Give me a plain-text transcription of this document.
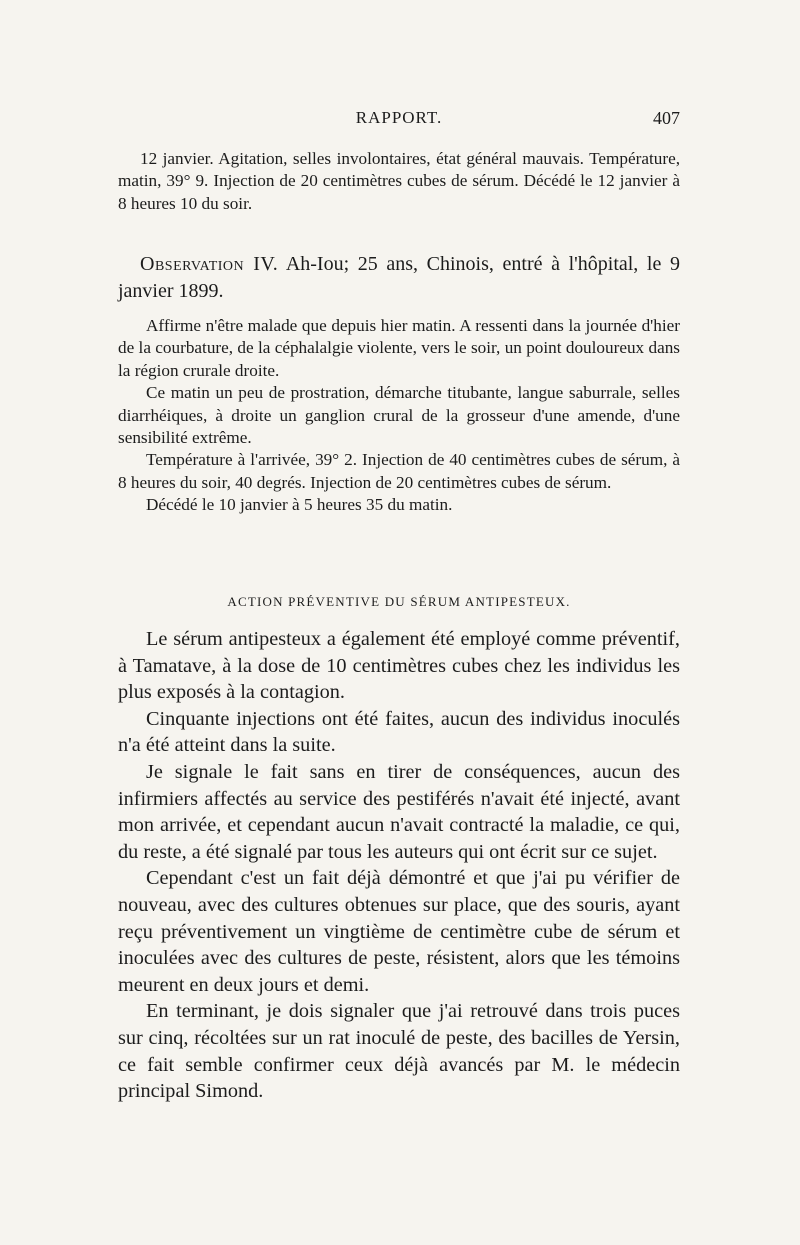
RAPPORT.	407
12 janvier. Agitation, selles involontaires, état général mauvais. Température, matin, 39° 9. Injection de 20 centimètres cubes de sérum. Décédé le 12 janvier à 8 heures 10 du soir.
Observation IV. Ah-Iou; 25 ans, Chinois, entré à l'hôpital, le 9 janvier 1899.

Affirme n'être malade que depuis hier matin. A ressenti dans la journée d'hier de la courbature, de la céphalalgie violente, vers le soir, un point douloureux dans la région crurale droite.

Ce matin un peu de prostration, démarche titubante, langue saburrale, selles diarrhéiques, à droite un ganglion crural de la grosseur d'une amende, d'une sensibilité extrême.

Température à l'arrivée, 39° 2. Injection de 40 centimètres cubes de sérum, à 8 heures du soir, 40 degrés. Injection de 20 centimètres cubes de sérum.

Décédé le 10 janvier à 5 heures 35 du matin.

ACTION PRÉVENTIVE DU SÉRUM ANTIPESTEUX.

Le sérum antipesteux a également été employé comme préventif, à Tamatave, à la dose de 10 centimètres cubes chez les individus les plus exposés à la contagion.

Cinquante injections ont été faites, aucun des individus inoculés n'a été atteint dans la suite.

Je signale le fait sans en tirer de conséquences, aucun des infirmiers affectés au service des pestiférés n'avait été injecté, avant mon arrivée, et cependant aucun n'avait contracté la maladie, ce qui, du reste, a été signalé par tous les auteurs qui ont écrit sur ce sujet.

Cependant c'est un fait déjà démontré et que j'ai pu vérifier de nouveau, avec des cultures obtenues sur place, que des souris, ayant reçu préventivement un vingtième de centimètre cube de sérum et inoculées avec des cultures de peste, résistent, alors que les témoins meurent en deux jours et demi.

En terminant, je dois signaler que j'ai retrouvé dans trois puces sur cinq, récoltées sur un rat inoculé de peste, des bacilles de Yersin, ce fait semble confirmer ceux déjà avancés par M. le médecin principal Simond.
